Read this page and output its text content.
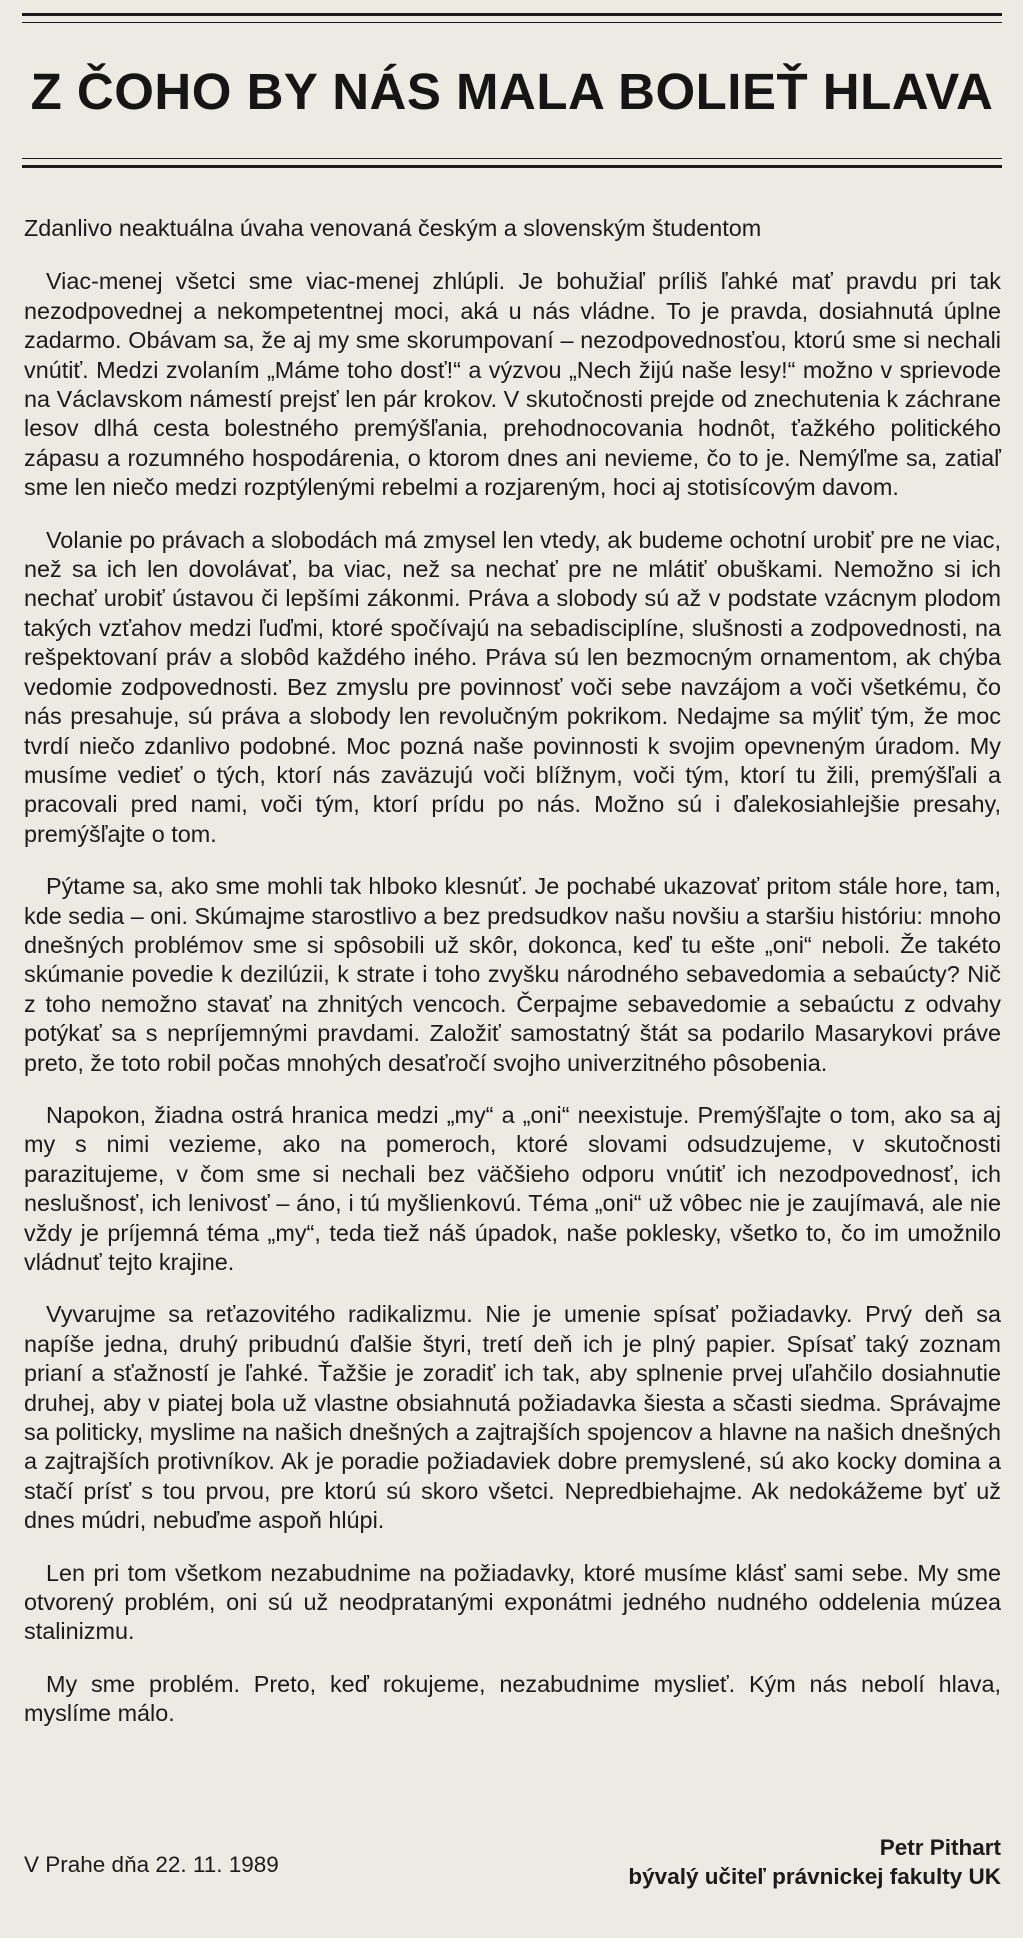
Z ČOHO BY NÁS MALA BOLIEŤ HLAVA

Zdanlivo neaktuálna úvaha venovaná českým a slovenským študentom

Viac-menej všetci sme viac-menej zhlúpli. Je bohužiaľ príliš ľahké mať pravdu pri tak nezodpovednej a nekompetentnej moci, aká u nás vládne. To je pravda, dosiahnutá úplne zadarmo. Obávam sa, že aj my sme skorumpovaní – nezodpovednosťou, ktorú sme si nechali vnútiť. Medzi zvolaním „Máme toho dosť!“ a výzvou „Nech žijú naše lesy!“ možno v sprievode na Václavskom námestí prejsť len pár krokov. V skutočnosti prejde od znechutenia k záchrane lesov dlhá cesta bolestného premýšľania, prehodnocovania hodnôt, ťažkého politického zápasu a rozumného hospodárenia, o ktorom dnes ani nevieme, čo to je. Nemýľme sa, zatiaľ sme len niečo medzi rozptýlenými rebelmi a rozjareným, hoci aj stotisícovým davom.

Volanie po právach a slobodách má zmysel len vtedy, ak budeme ochotní urobiť pre ne viac, než sa ich len dovolávať, ba viac, než sa nechať pre ne mlátiť obuškami. Nemožno si ich nechať urobiť ústavou či lepšími zákonmi. Práva a slobody sú až v podstate vzácnym plodom takých vzťahov medzi ľuďmi, ktoré spočívajú na sebadisciplíne, slušnosti a zodpovednosti, na rešpektovaní práv a slobôd každého iného. Práva sú len bezmocným ornamentom, ak chýba vedomie zodpovednosti. Bez zmyslu pre povinnosť voči sebe navzájom a voči všetkému, čo nás presahuje, sú práva a slobody len revolučným pokrikom. Nedajme sa mýliť tým, že moc tvrdí niečo zdanlivo podobné. Moc pozná naše povinnosti k svojim opevneným úradom. My musíme vedieť o tých, ktorí nás zaväzujú voči blížnym, voči tým, ktorí tu žili, premýšľali a pracovali pred nami, voči tým, ktorí prídu po nás. Možno sú i ďalekosiahlejšie presahy, premýšľajte o tom.

Pýtame sa, ako sme mohli tak hlboko klesnúť. Je pochabé ukazovať pritom stále hore, tam, kde sedia – oni. Skúmajme starostlivo a bez predsudkov našu novšiu a staršiu históriu: mnoho dnešných problémov sme si spôsobili už skôr, dokonca, keď tu ešte „oni“ neboli. Že takéto skúmanie povedie k dezilúzii, k strate i toho zvyšku národného sebavedomia a sebaúcty? Nič z toho nemožno stavať na zhnitých vencoch. Čerpajme sebavedomie a sebaúctu z odvahy potýkať sa s nepríjemnými pravdami. Založiť samostatný štát sa podarilo Masarykovi práve preto, že toto robil počas mnohých desaťročí svojho univerzitného pôsobenia.

Napokon, žiadna ostrá hranica medzi „my“ a „oni“ neexistuje. Premýšľajte o tom, ako sa aj my s nimi vezieme, ako na pomeroch, ktoré slovami odsudzujeme, v skutočnosti parazitujeme, v čom sme si nechali bez väčšieho odporu vnútiť ich nezodpovednosť, ich neslušnosť, ich lenivosť – áno, i tú myšlienkovú. Téma „oni“ už vôbec nie je zaujímavá, ale nie vždy je príjemná téma „my“, teda tiež náš úpadok, naše poklesky, všetko to, čo im umožnilo vládnuť tejto krajine.

Vyvarujme sa reťazovitého radikalizmu. Nie je umenie spísať požiadavky. Prvý deň sa napíše jedna, druhý pribudnú ďalšie štyri, tretí deň ich je plný papier. Spísať taký zoznam prianí a sťažností je ľahké. Ťažšie je zoradiť ich tak, aby splnenie prvej uľahčilo dosiahnutie druhej, aby v piatej bola už vlastne obsiahnutá požiadavka šiesta a sčasti siedma. Správajme sa politicky, myslime na našich dnešných a zajtrajších spojencov a hlavne na našich dnešných a zajtrajších protivníkov. Ak je poradie požiadaviek dobre premyslené, sú ako kocky domina a stačí prísť s tou prvou, pre ktorú sú skoro všetci. Nepredbiehajme. Ak nedokážeme byť už dnes múdri, nebuďme aspoň hlúpi.

Len pri tom všetkom nezabudnime na požiadavky, ktoré musíme klásť sami sebe. My sme otvorený problém, oni sú už neodpratanými exponátmi jedného nudného oddelenia múzea stalinizmu.

My sme problém. Preto, keď rokujeme, nezabudnime myslieť. Kým nás nebolí hlava, myslíme málo.

V Prahe dňa 22. 11. 1989
Petr Pithart
bývalý učiteľ právnickej fakulty UK
